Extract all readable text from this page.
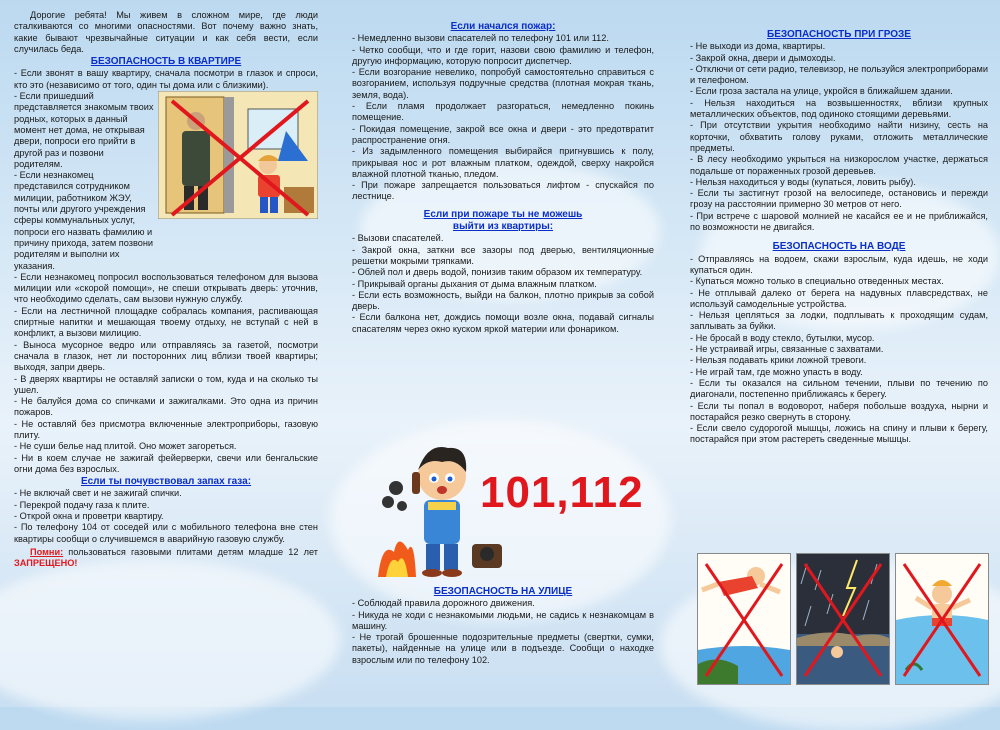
Дорогие ребята! Мы живем в сложном мире, где люди сталкиваются со многими опасностями. Вот почему важно знать, какие бывают чрезвычайные ситуации и как себя вести, если случилась беда.

БЕЗОПАСНОСТЬ В КВАРТИРЕ

- Если звонят в вашу квартиру, сначала посмотри в глазок и спроси, кто это (независимо от того, один ты дома или с близкими).

- Если пришедший представляется знакомым твоих родных, которых в данный момент нет дома, не открывая двери, попроси его прийти в другой раз и позвони родителям.

- Если незнакомец представился сотрудником милиции, работником ЖЭУ, почты или другого учреждения сферы коммунальных услуг, попроси его назвать фамилию и причину прихода, затем позвони родителям и выполни их указания.

- Если незнакомец попросил воспользоваться телефоном для вызова милиции или «скорой помощи», не спеши открывать дверь: уточнив, что необходимо сделать, сам вызови нужную службу.

- Если на лестничной площадке собралась компания, распивающая спиртные напитки и мешающая твоему отдыху, не вступай с ней в конфликт, а вызови милицию.

- Выноса мусорное ведро или отправляясь за газетой, посмотри сначала в глазок, нет ли посторонних лиц вблизи твоей квартиры; выходя, запри дверь.

- В дверях квартиры не оставляй записки о том, куда и на сколько ты ушел.

- Не балуйся дома со спичками и зажигалками. Это одна из причин пожаров.

- Не оставляй без присмотра включенные электроприборы, газовую плиту.

- Не суши белье над плитой. Оно может загореться.

- Ни в коем случае не зажигай фейерверки, свечи или бенгальские огни дома без взрослых.

Если ты почувствовал запах газа:

- Не включай свет и не зажигай спички.

- Перекрой подачу газа к плите.

- Открой окна и проветри квартиру.

- По телефону 104 от соседей или с мобильного телефона вне стен квартиры сообщи о случившемся в аварийную газовую службу.

Помни: пользоваться газовыми плитами детям младше 12 лет ЗАПРЕЩЕНО!

Если начался пожар:

- Немедленно вызови спасателей по телефону 101 или 112.

- Четко сообщи, что и где горит, назови свою фамилию и телефон, другую информацию, которую попросит диспетчер.

- Если возгорание невелико, попробуй самостоятельно справиться с возгоранием, используя подручные средства (плотная мокрая ткань, земля, вода).

- Если пламя продолжает разгораться, немедленно покинь помещение.

- Покидая помещение, закрой все окна и двери - это предотвратит распространение огня.

- Из задымленного помещения выбирайся пригнувшись к полу, прикрывая нос и рот влажным платком, одеждой, сверху накройся влажной плотной тканью, пледом.

- При пожаре запрещается пользоваться лифтом - спускайся по лестнице.

Если при пожаре ты не можешь
выйти из квартиры:

- Вызови спасателей.

- Закрой окна, заткни все зазоры под дверью, вентиляционные решетки мокрыми тряпками.

- Облей пол и дверь водой, понизив таким образом их температуру.

- Прикрывай органы дыхания от дыма влажным платком.

- Если есть возможность, выйди на балкон, плотно прикрыв за собой дверь.

- Если балкона нет, дождись помощи возле окна, подавай сигналы спасателям через окно куском яркой материи или фонариком.

101,112
БЕЗОПАСНОСТЬ НА УЛИЦЕ

- Соблюдай правила дорожного движения.

- Никуда не ходи с незнакомыми людьми, не садись к незнакомцам в машину.

- Не трогай брошенные подозрительные предметы (свертки, сумки, пакеты), найденные на улице или в подъезде. Сообщи о находке взрослым или по телефону 102.

БЕЗОПАСНОСТЬ ПРИ ГРОЗЕ

- Не выходи из дома, квартиры.

- Закрой окна, двери и дымоходы.

- Отключи от сети радио, телевизор, не пользуйся электроприборами и телефоном.

- Если гроза застала на улице, укройся в ближайшем здании.

- Нельзя находиться на возвышенностях, вблизи крупных металлических объектов, под одиноко стоящими деревьями.

- При отсутствии укрытия необходимо найти низину, сесть на корточки, обхватить голову руками, отложить металлические предметы.

- В лесу необходимо укрыться на низкорослом участке, держаться подальше от пораженных грозой деревьев.

- Нельзя находиться у воды (купаться, ловить рыбу).

- Если ты застигнут грозой на велосипеде, остановись и пережди грозу на расстоянии примерно 30 метров от него.

- При встрече с шаровой молнией не касайся ее и не приближайся, по возможности не двигайся.

БЕЗОПАСНОСТЬ НА ВОДЕ

- Отправляясь на водоем, скажи взрослым, куда идешь, не ходи купаться один.

- Купаться можно только в специально отведенных местах.

- Не отплывай далеко от берега на надувных плавсредствах, не используй самодельные устройства.

- Нельзя цепляться за лодки, подплывать к проходящим судам, заплывать за буйки.

- Не бросай в воду стекло, бутылки, мусор.

- Не устраивай игры, связанные с захватами.

- Нельзя подавать крики ложной тревоги.

- Не играй там, где можно упасть в воду.

- Если ты оказался на сильном течении, плыви по течению по диагонали, постепенно приближаясь к берегу.

- Если ты попал в водоворот, наберя побольше воздуха, нырни и постарайся резко свернуть в сторону.

- Если свело судорогой мышцы, ложись на спину и плыви к берегу, постарайся при этом растереть сведенные мышцы.
